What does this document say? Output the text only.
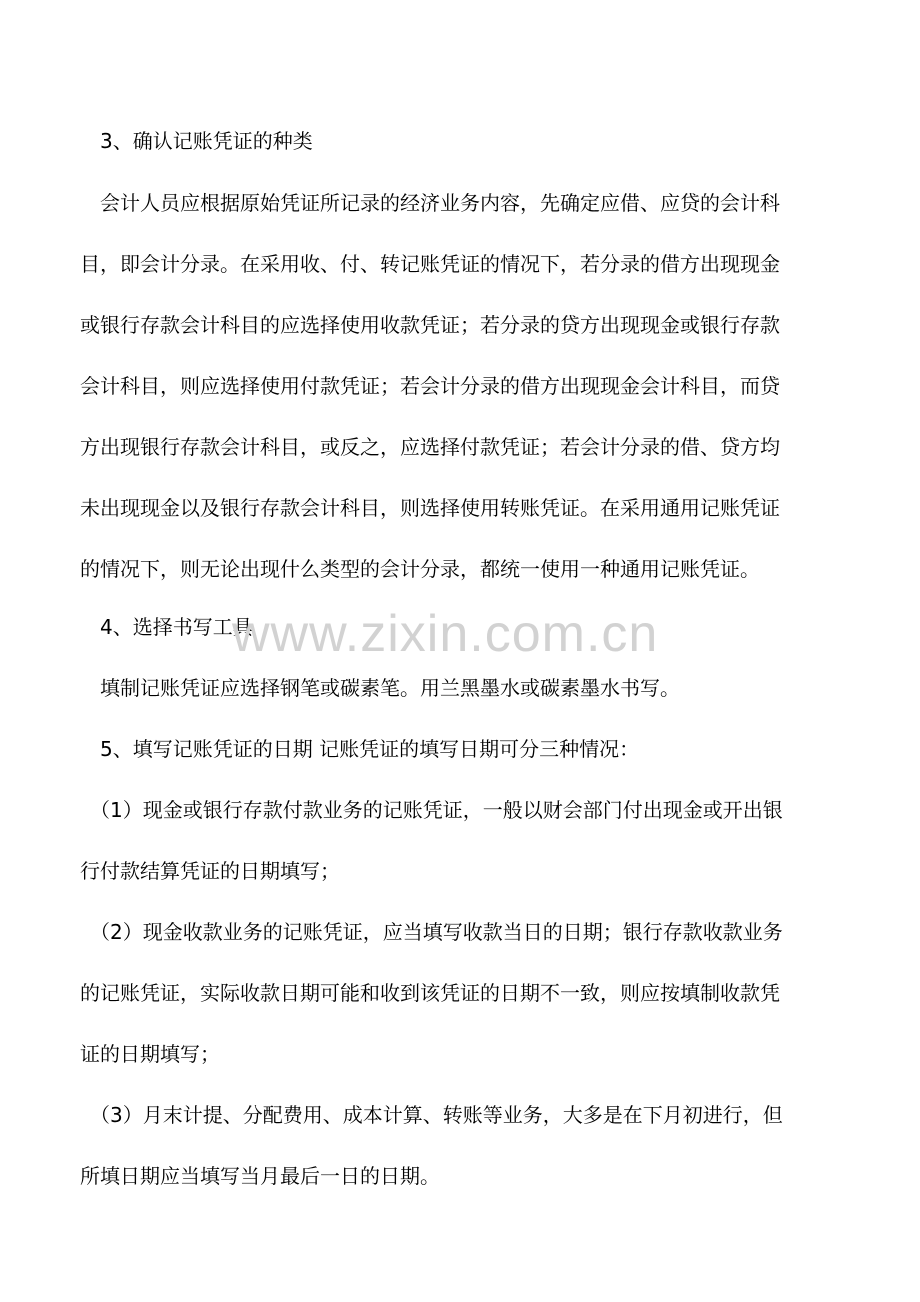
　3、确认记账凭证的种类
　会计人员应根据原始凭证所记录的经济业务内容，先确定应借、应贷的会计科
目，即会计分录。在采用收、付、转记账凭证的情况下，若分录的借方出现现金
或银行存款会计科目的应选择使用收款凭证；若分录的贷方出现现金或银行存款
会计科目，则应选择使用付款凭证；若会计分录的借方出现现金会计科目，而贷
方出现银行存款会计科目，或反之，应选择付款凭证；若会计分录的借、贷方均
未出现现金以及银行存款会计科目，则选择使用转账凭证。在采用通用记账凭证
的情况下，则无论出现什么类型的会计分录，都统一使用一种通用记账凭证。
　4、选择书写工具
　填制记账凭证应选择钢笔或碳素笔。用兰黑墨水或碳素墨水书写。
　5、填写记账凭证的日期 记账凭证的填写日期可分三种情况：
　（1）现金或银行存款付款业务的记账凭证，一般以财会部门付出现金或开出银
行付款结算凭证的日期填写；
　（2）现金收款业务的记账凭证，应当填写收款当日的日期；银行存款收款业务
的记账凭证，实际收款日期可能和收到该凭证的日期不一致，则应按填制收款凭
证的日期填写；
　（3）月末计提、分配费用、成本计算、转账等业务，大多是在下月初进行，但
所填日期应当填写当月最后一日的日期。
www.zixin.com.cn
